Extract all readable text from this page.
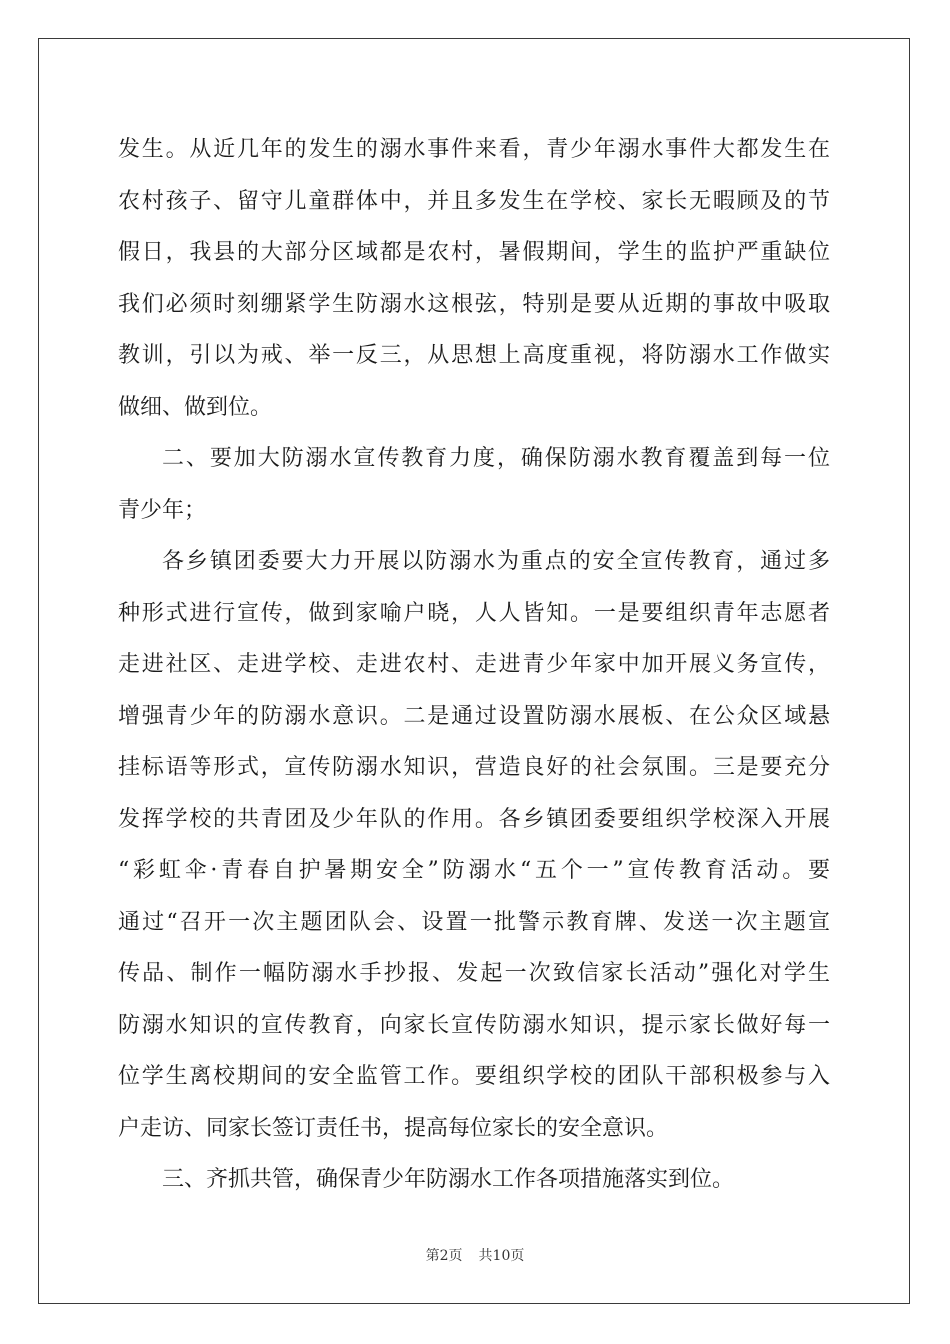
发生。从近几年的发生的溺水事件来看，青少年溺水事件大都发生在
农村孩子、留守儿童群体中，并且多发生在学校、家长无暇顾及的节
假日，我县的大部分区域都是农村，暑假期间，学生的监护严重缺位
我们必须时刻绷紧学生防溺水这根弦，特别是要从近期的事故中吸取
教训，引以为戒、举一反三，从思想上高度重视，将防溺水工作做实
做细、做到位。
二、要加大防溺水宣传教育力度，确保防溺水教育覆盖到每一位
青少年；
各乡镇团委要大力开展以防溺水为重点的安全宣传教育，通过多
种形式进行宣传，做到家喻户晓，人人皆知。一是要组织青年志愿者
走进社区、走进学校、走进农村、走进青少年家中加开展义务宣传，
增强青少年的防溺水意识。二是通过设置防溺水展板、在公众区域悬
挂标语等形式，宣传防溺水知识，营造良好的社会氛围。三是要充分
发挥学校的共青团及少年队的作用。各乡镇团委要组织学校深入开展
“彩虹伞·青春自护暑期安全”防溺水“五个一”宣传教育活动。要
通过“召开一次主题团队会、设置一批警示教育牌、发送一次主题宣
传品、制作一幅防溺水手抄报、发起一次致信家长活动”强化对学生
防溺水知识的宣传教育，向家长宣传防溺水知识，提示家长做好每一
位学生离校期间的安全监管工作。要组织学校的团队干部积极参与入
户走访、同家长签订责任书，提高每位家长的安全意识。
三、齐抓共管，确保青少年防溺水工作各项措施落实到位。
第2页 共10页
